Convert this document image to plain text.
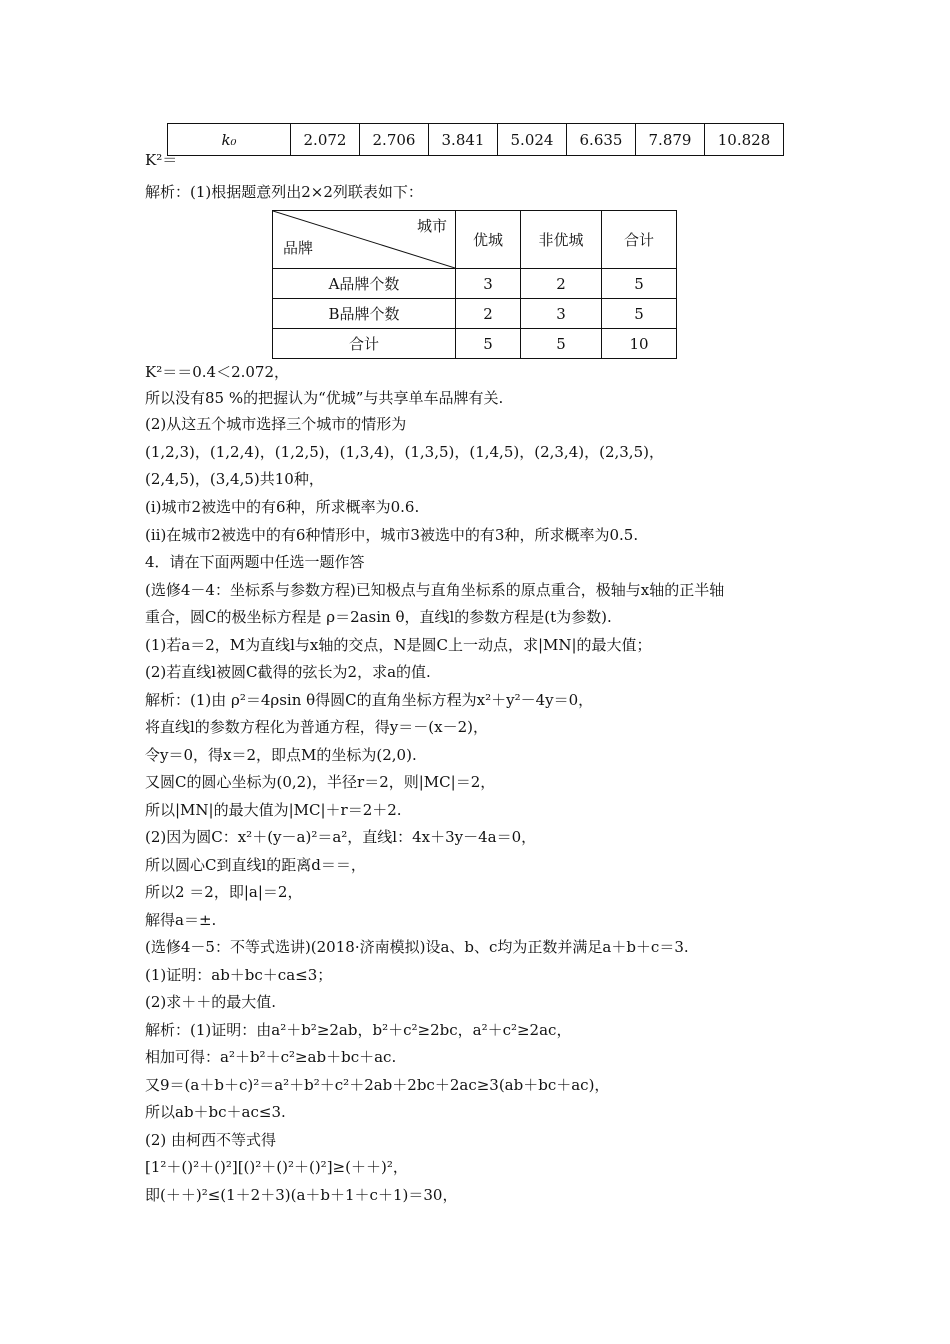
k₀	2.072	2.706	3.841	5.024	6.635	7.879	10.828
K²＝
解析：(1)根据题意列出2×2列联表如下：
城市
品牌	优城	非优城	合计
A品牌个数	3	2	5
B品牌个数	2	3	5
合计	5	5	10
K²＝＝0.4＜2.072，
所以没有85 %的把握认为“优城”与共享单车品牌有关.
(2)从这五个城市选择三个城市的情形为
(1,2,3)，(1,2,4)，(1,2,5)，(1,3,4)，(1,3,5)，(1,4,5)，(2,3,4)，(2,3,5)，
(2,4,5)，(3,4,5)共10种，
(ⅰ)城市2被选中的有6种，所求概率为0.6.
(ⅱ)在城市2被选中的有6种情形中，城市3被选中的有3种，所求概率为0.5.
4．请在下面两题中任选一题作答
(选修4－4：坐标系与参数方程)已知极点与直角坐标系的原点重合，极轴与x轴的正半轴
重合，圆C的极坐标方程是 ρ＝2asin θ，直线l的参数方程是(t为参数).
(1)若a＝2，M为直线l与x轴的交点，N是圆C上一动点，求|MN|的最大值；
(2)若直线l被圆C截得的弦长为2，求a的值.
解析：(1)由 ρ²＝4ρsin θ得圆C的直角坐标方程为x²＋y²－4y＝0，
将直线l的参数方程化为普通方程，得y＝－(x－2)，
令y＝0，得x＝2，即点M的坐标为(2,0).
又圆C的圆心坐标为(0,2)，半径r＝2，则|MC|＝2，
所以|MN|的最大值为|MC|＋r＝2＋2.
(2)因为圆C：x²＋(y－a)²＝a²，直线l：4x＋3y－4a＝0，
所以圆心C到直线l的距离d＝＝，
所以2 ＝2，即|a|＝2，
解得a＝±.
(选修4－5：不等式选讲)(2018·济南模拟)设a、b、c均为正数并满足a＋b＋c＝3.
(1)证明：ab＋bc＋ca≤3；
(2)求＋＋的最大值.
解析：(1)证明：由a²＋b²≥2ab，b²＋c²≥2bc，a²＋c²≥2ac，
相加可得：a²＋b²＋c²≥ab＋bc＋ac.
又9＝(a＋b＋c)²＝a²＋b²＋c²＋2ab＋2bc＋2ac≥3(ab＋bc＋ac)，
所以ab＋bc＋ac≤3.
(2) 由柯西不等式得
[1²＋()²＋()²][()²＋()²＋()²]≥(＋＋)²，
即(＋＋)²≤(1＋2＋3)(a＋b＋1＋c＋1)＝30，
